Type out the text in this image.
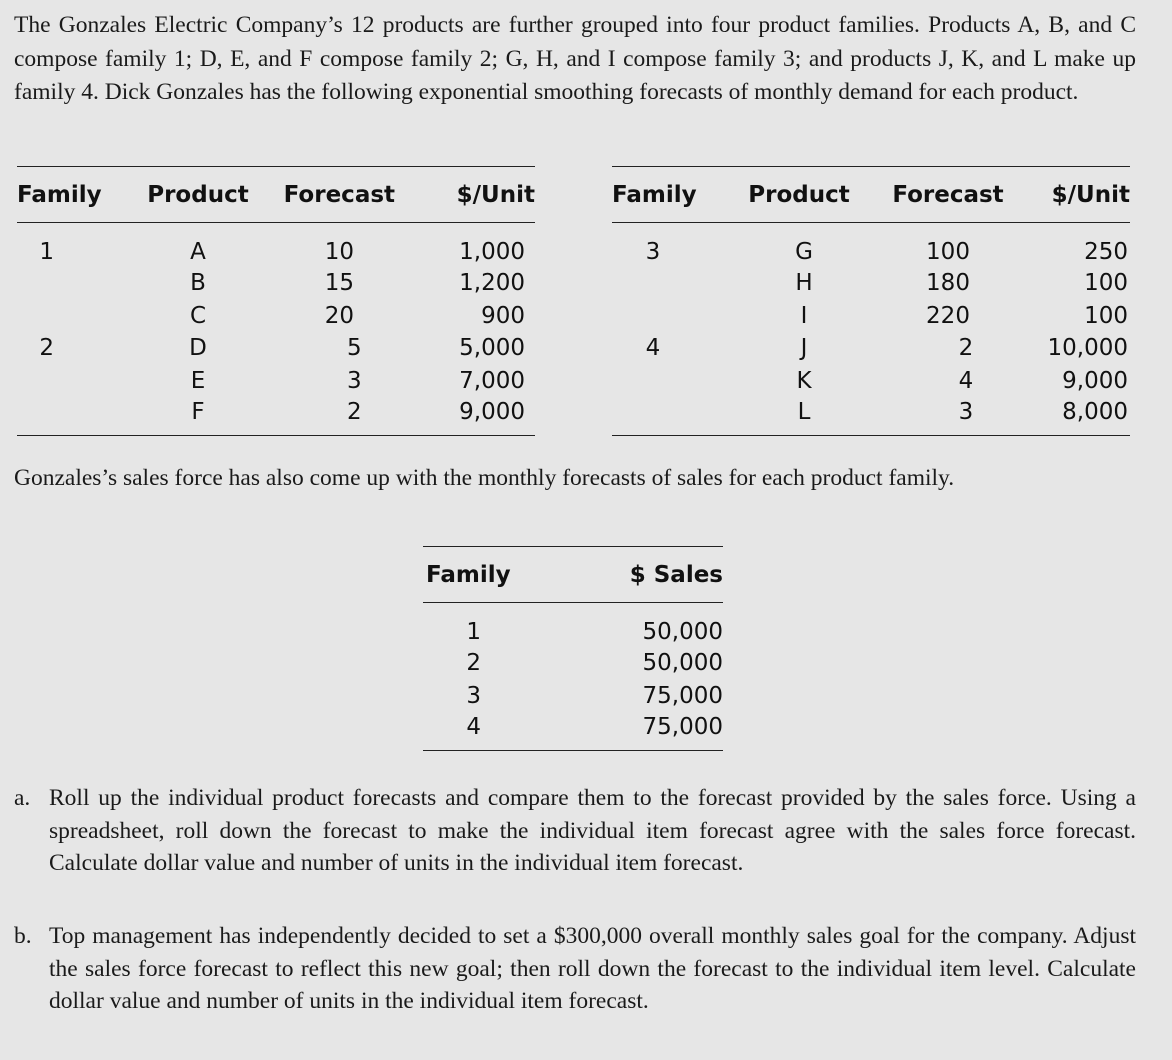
The Gonzales Electric Company’s 12 products are further grouped into four product families. Products A, B, and C compose family 1; D, E, and F compose family 2; G, H, and I compose family 3; and products J, K, and L make up family 4. Dick Gonzales has the following exponential smoothing forecasts of monthly demand for each product.

Family	Product	Forecast	$/Unit
1	A	10	1,000
	B	15	1,200
	C	20	900
2	D	5	5,000
	E	3	7,000
	F	2	9,000
Family	Product	Forecast	$/Unit
3	G	100	250
	H	180	100
	I	220	100
4	J	2	10,000
	K	4	9,000
	L	3	8,000

Gonzales’s sales force has also come up with the monthly forecasts of sales for each product family.

Family	$ Sales
1	50,000
2	50,000
3	75,000
4	75,000
a. Roll up the individual product forecasts and compare them to the forecast provided by the sales force. Using a spreadsheet, roll down the forecast to make the individual item forecast agree with the sales force forecast. Calculate dollar value and number of units in the individual item forecast.
b. Top management has independently decided to set a $300,000 overall monthly sales goal for the company. Adjust the sales force forecast to reflect this new goal; then roll down the forecast to the individual item level. Calculate dollar value and number of units in the individual item forecast.
